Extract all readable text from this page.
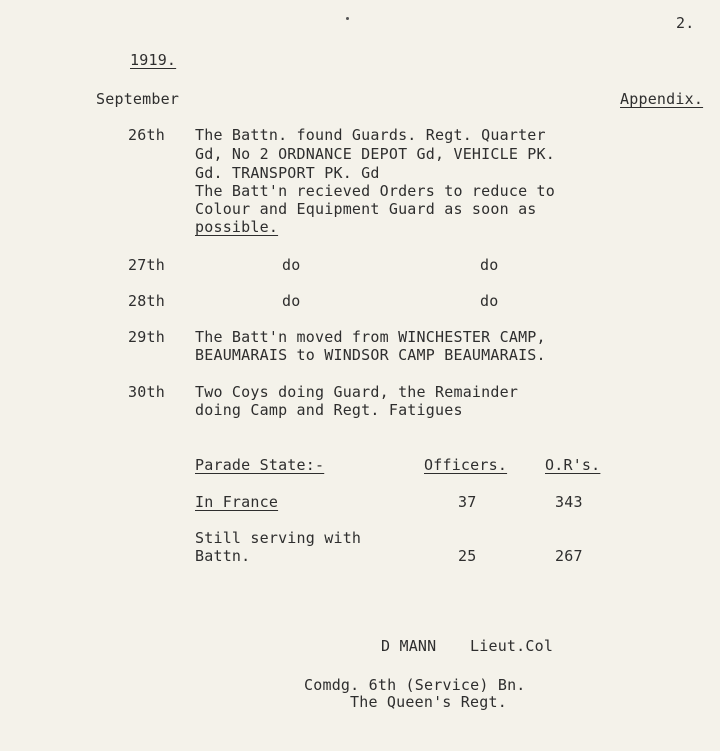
2.
1919.
September	Appendix.
26th The Battn. found Guards. Regt. Quarter
Gd, No 2 ORDNANCE DEPOT Gd, VEHICLE PK.
Gd. TRANSPORT PK. Gd
The Batt'n recieved Orders to reduce to
Colour and Equipment Guard as soon as
possible.
27th	do	do
28th	do	do
29th The Batt'n moved from WINCHESTER CAMP,
BEAUMARAIS to WINDSOR CAMP BEAUMARAIS.
30th Two Coys doing Guard, the Remainder
doing Camp and Regt. Fatigues
Parade State:-	Officers.	O.R's.
In France	37	343
Still serving with
Battn.	25	267
D MANN Lieut.Col
Comdg. 6th (Service) Bn.
The Queen's Regt.
